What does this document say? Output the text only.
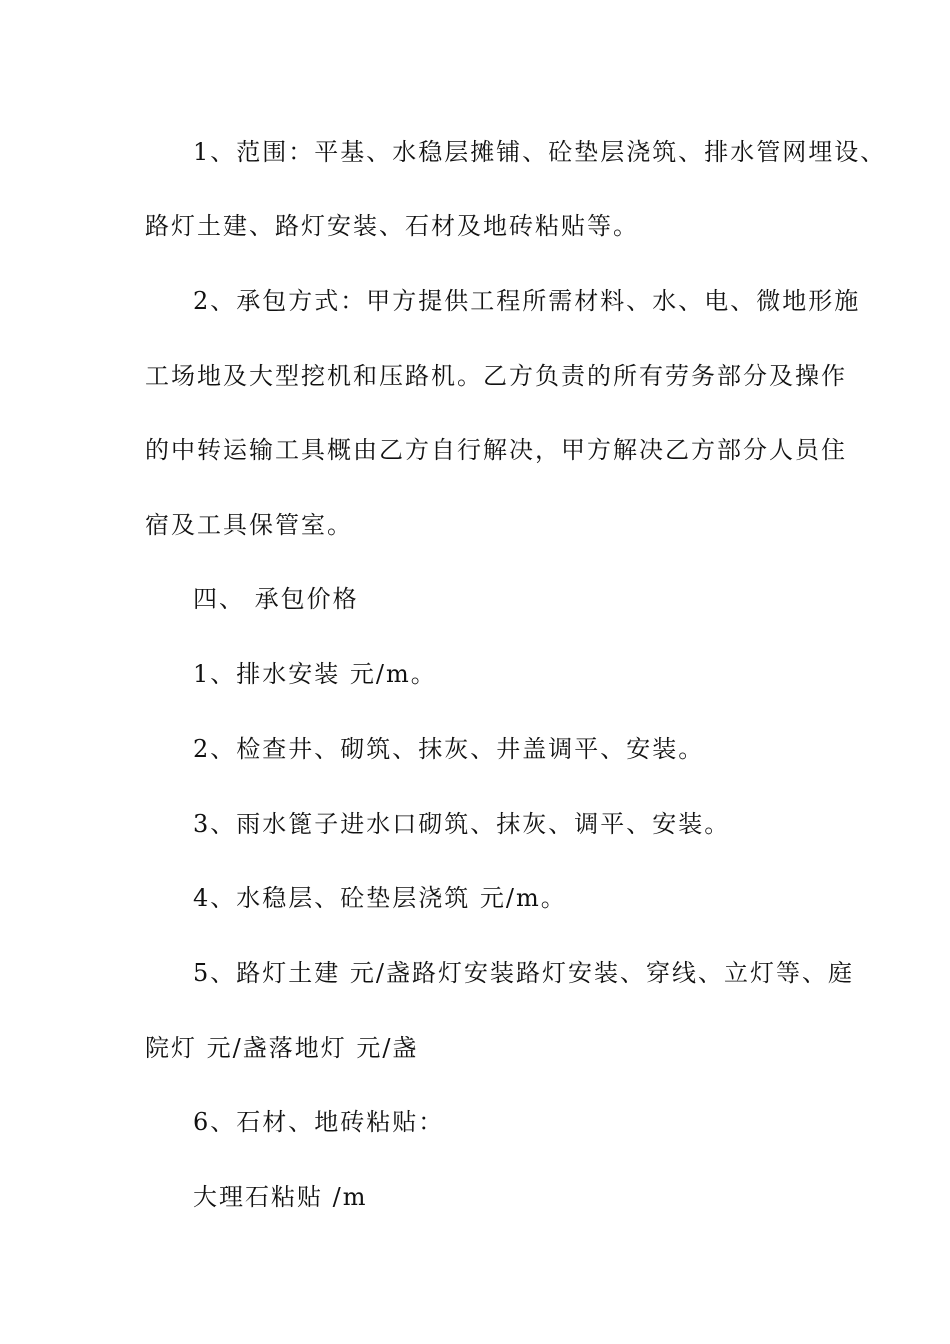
1、范围：平基、水稳层摊铺、砼垫层浇筑、排水管网埋设、
路灯土建、路灯安装、石材及地砖粘贴等。
2、承包方式：甲方提供工程所需材料、水、电、微地形施
工场地及大型挖机和压路机。乙方负责的所有劳务部分及操作
的中转运输工具概由乙方自行解决，甲方解决乙方部分人员住
宿及工具保管室。
四、 承包价格
1、排水安装 元/m。
2、检查井、砌筑、抹灰、井盖调平、安装。
3、雨水篦子进水口砌筑、抹灰、调平、安装。
4、水稳层、砼垫层浇筑 元/m。
5、路灯土建 元/盏路灯安装路灯安装、穿线、立灯等、庭
院灯 元/盏落地灯 元/盏
6、石材、地砖粘贴：
大理石粘贴 /m
